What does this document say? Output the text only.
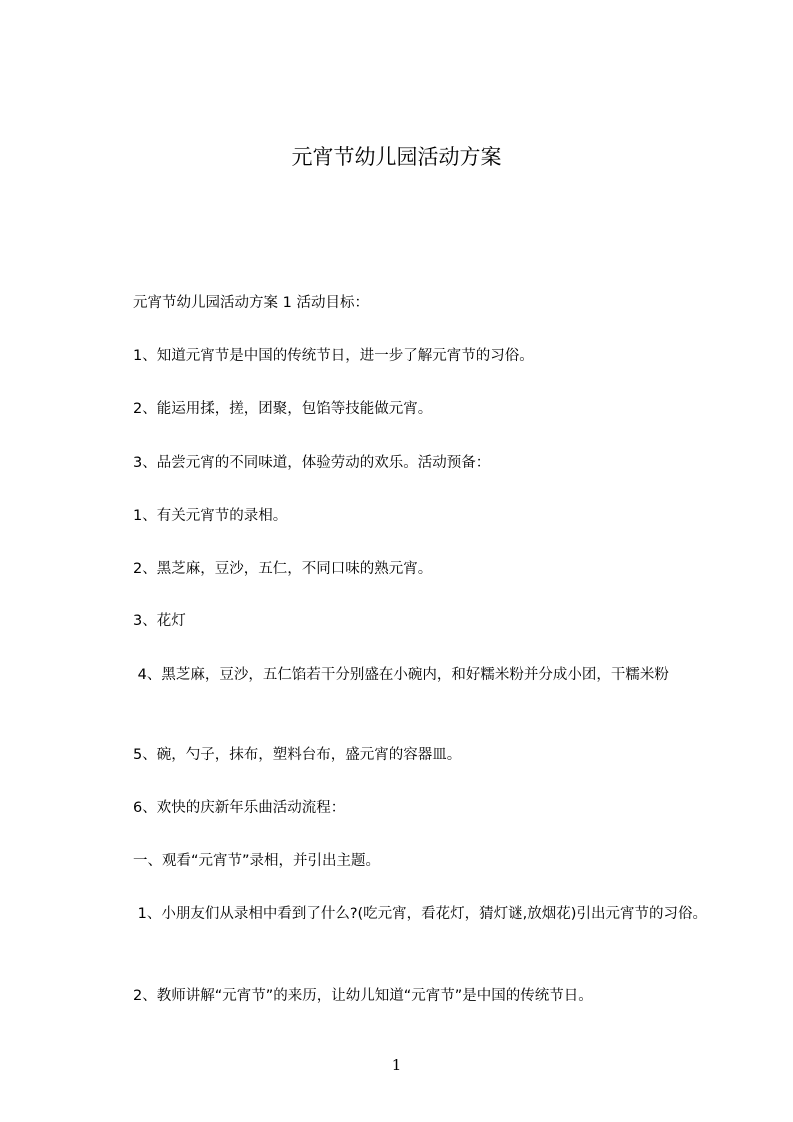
元宵节幼儿园活动方案
　　元宵节幼儿园活动方案 1 活动目标：
　　1、知道元宵节是中国的传统节日，进一步了解元宵节的习俗。
　　2、能运用揉，搓，团聚，包馅等技能做元宵。
　　3、品尝元宵的不同味道，体验劳动的欢乐。活动预备：
　　1、有关元宵节的录相。
　　2、黑芝麻，豆沙，五仁，不同口味的熟元宵。
　　3、花灯
　　 4、黑芝麻，豆沙，五仁馅若干分别盛在小碗内，和好糯米粉并分成小团，干糯米粉
　　5、碗，勺子，抹布，塑料台布，盛元宵的容器皿。
　　6、欢快的庆新年乐曲活动流程：
　　一、观看“元宵节”录相，并引出主题。
　　 1、小朋友们从录相中看到了什么?(吃元宵，看花灯，猜灯谜,放烟花)引出元宵节的习俗。
　　2、教师讲解“元宵节”的来历，让幼儿知道“元宵节”是中国的传统节日。
1
